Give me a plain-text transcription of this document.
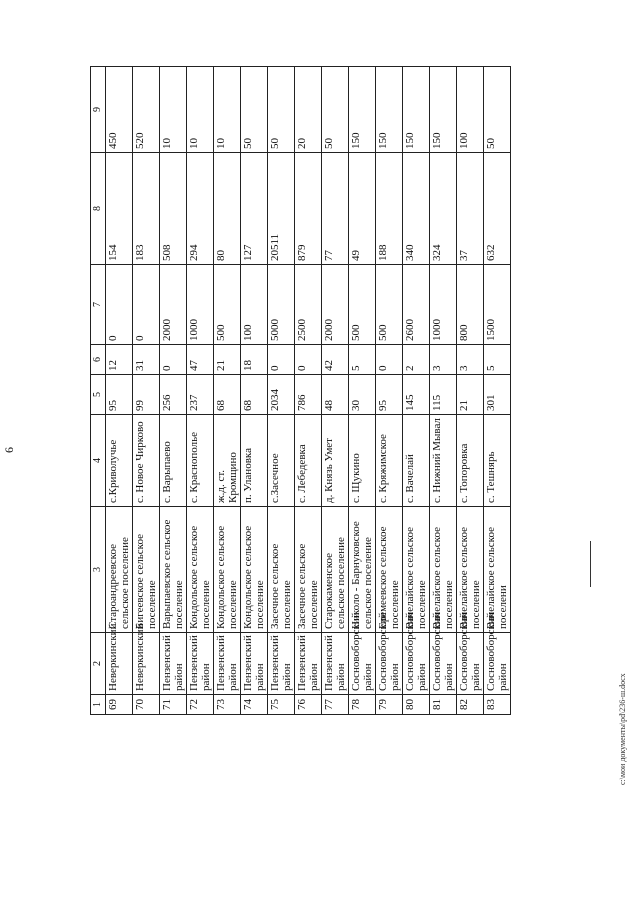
6
1	2	3	4	5	6	7	8	9
69	Неверкинский	Староандреевское сельское поселение	с.Криволучье	95	12	0	154	450
70	Неверкинский	Бигеевское сельское поселение	с. Новое Чирково	99	31	0	183	520
71	Пензенский район	Варыпаевское сельское поселение	с. Варыпаево	256	0	2000	508	10
72	Пензенский район	Кондольское сельское поселение	с. Краснополье	237	47	1000	294	10
73	Пензенский район	Кондольское сельское поселение	ж.д. ст. Кромщино	68	21	500	80	10
74	Пензенский район	Кондольское сельское поселение	п. Улановка	68	18	100	127	50
75	Пензенский район	Засечное сельское поселение	с.Засечное	2034	0	5000	20511	50
76	Пензенский район	Засечное сельское поселение	с. Лебедевка	786	0	2500	879	20
77	Пензенский район	Старокаменское сельское поселение	д. Князь Умет	48	42	2000	77	50
78	Сосновоборский район	Николо - Барнуковское сельское поселение	с. Щукино	30	5	500	49	150
79	Сосновоборский район	Еремеевское сельское поселение	с. Кряжимское	95	0	500	188	150
80	Сосновоборский район	Вачелайское сельское поселение	с. Вачелай	145	2	2600	340	150
81	Сосновоборский район	Вачелайское сельское поселение	с. Нижний Мывал	115	3	1000	324	150
82	Сосновоборский район	Вачелайское сельское поселение	с. Топоровка	21	3	800	37	100
83	Сосновоборский район	Вачелайское сельское поселени	с. Тешнярь	301	5	1500	632	50
c:\мои документы\pd\236-ш.docx
